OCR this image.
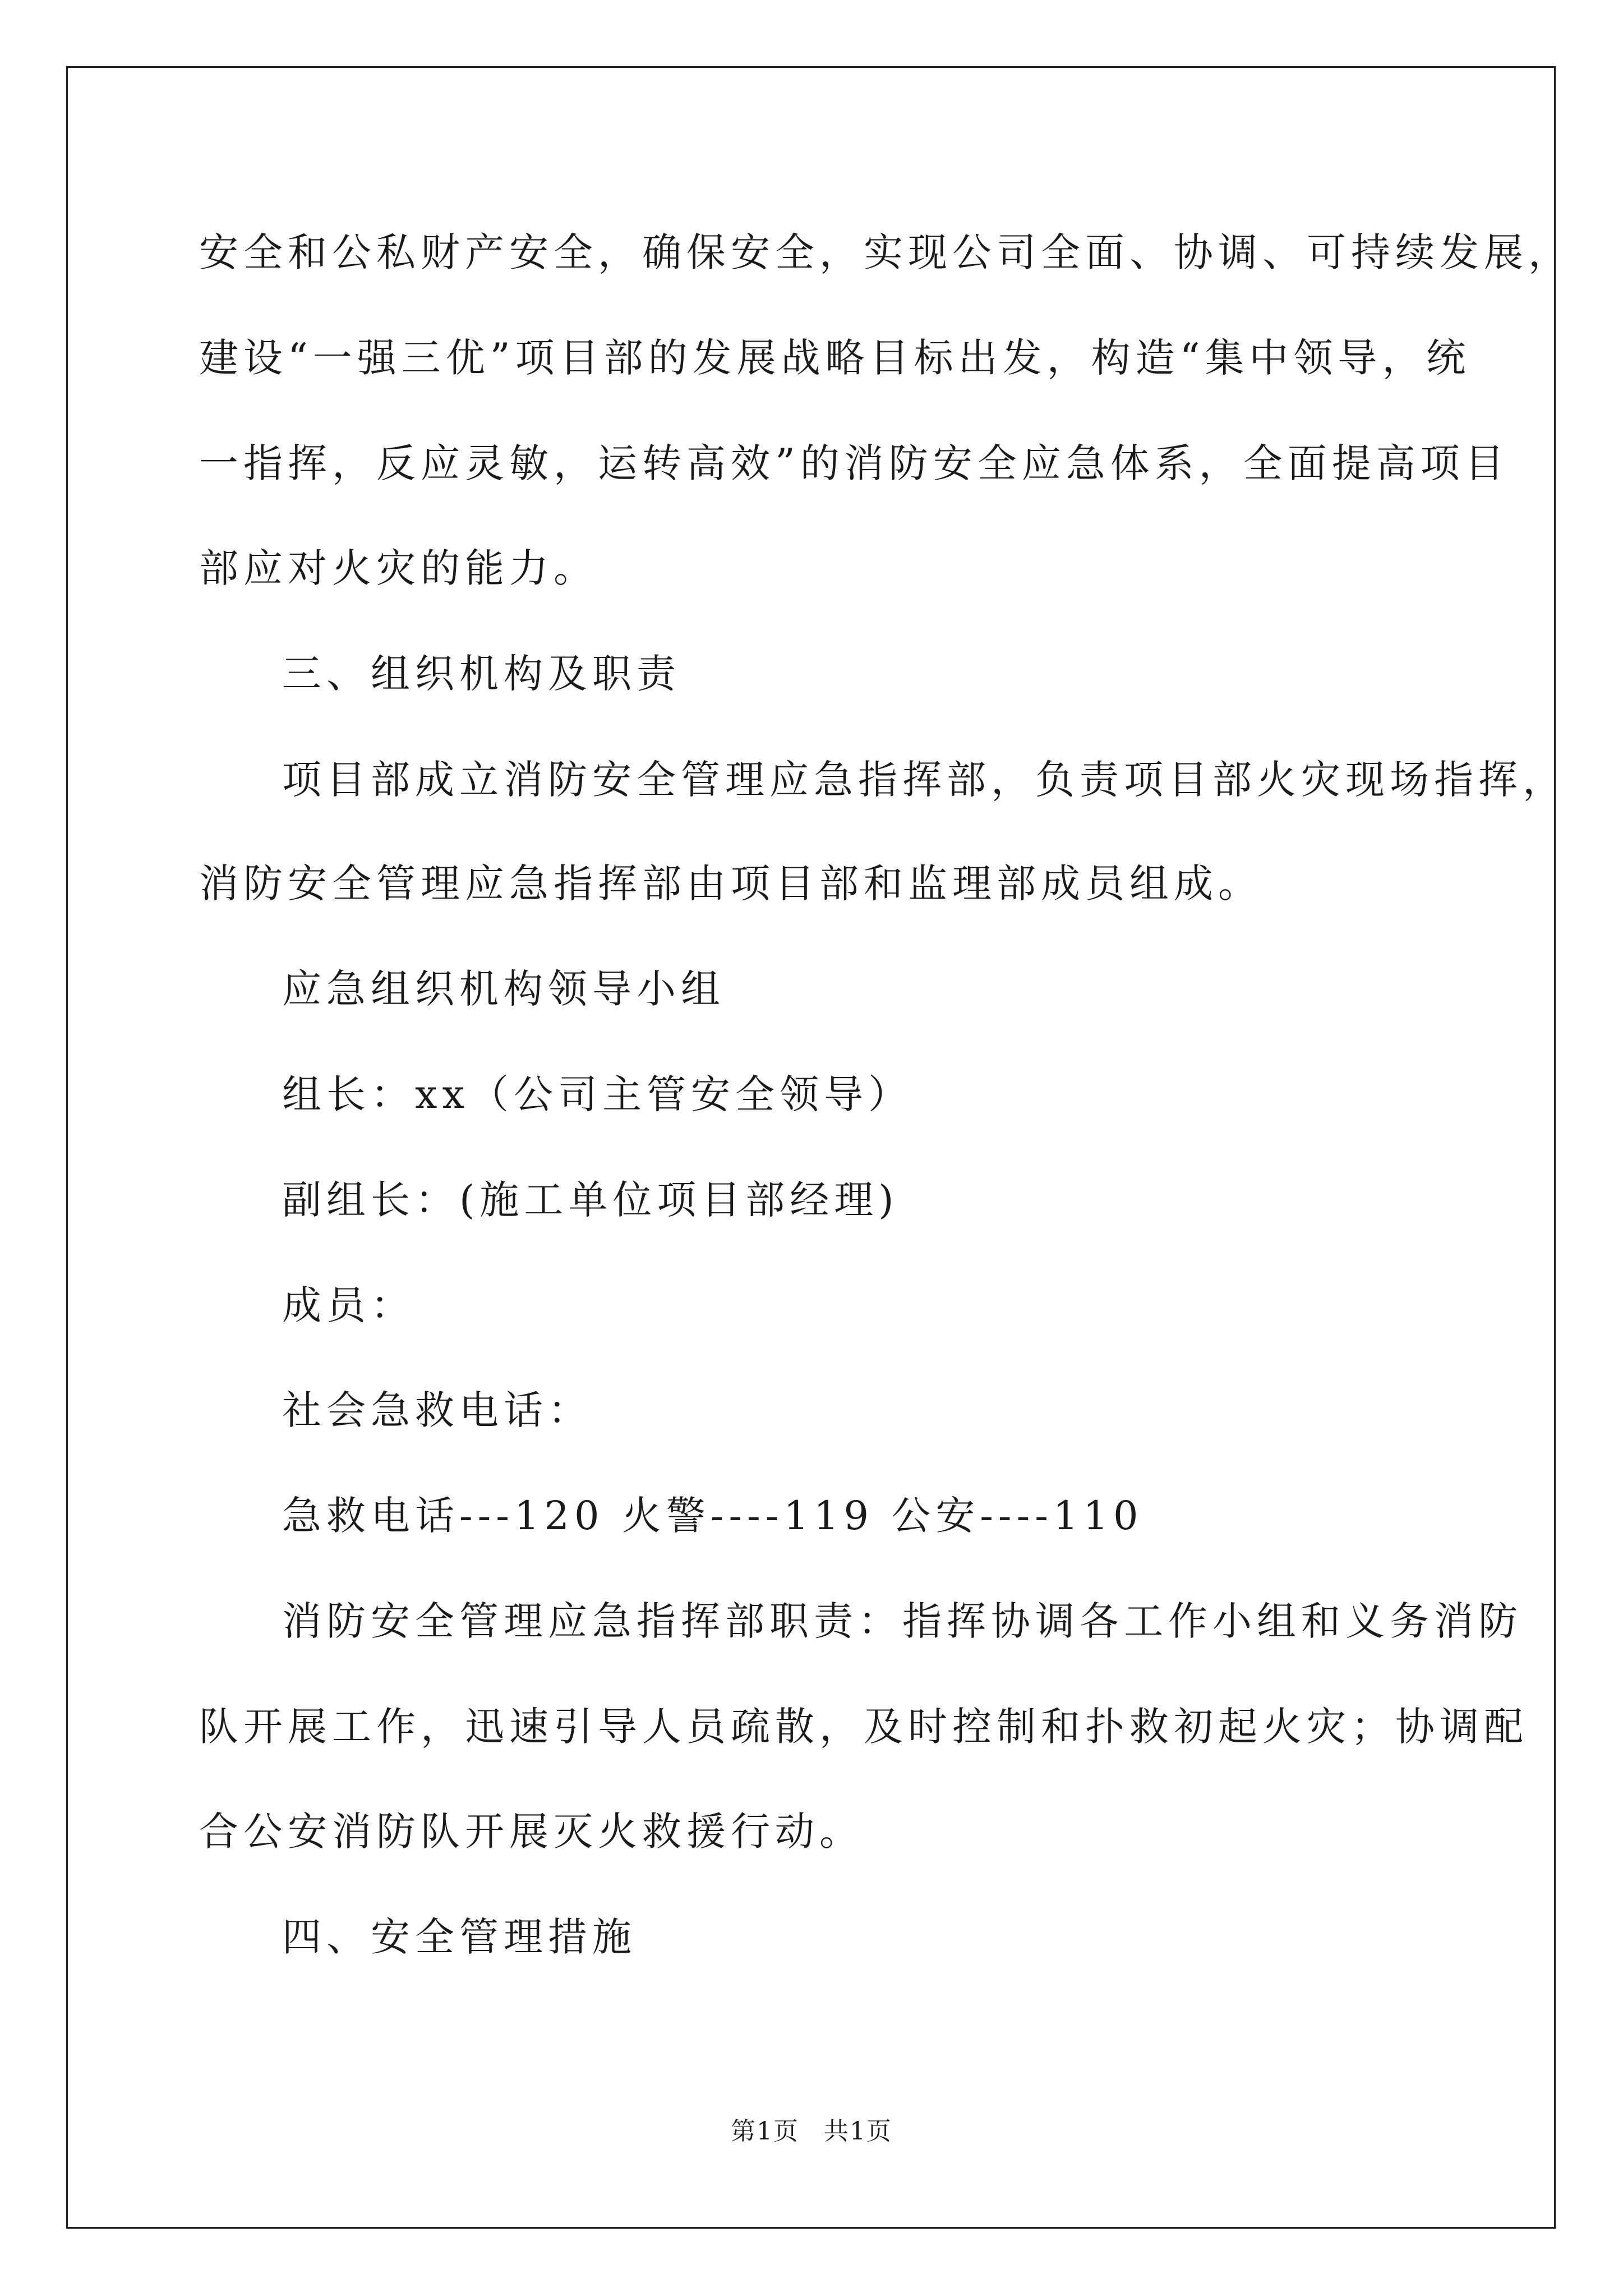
安全和公私财产安全，确保安全，实现公司全面、协调、可持续发展，
建设“一强三优”项目部的发展战略目标出发，构造“集中领导，统
一指挥，反应灵敏，运转高效”的消防安全应急体系，全面提高项目
部应对火灾的能力。
三、组织机构及职责
项目部成立消防安全管理应急指挥部，负责项目部火灾现场指挥，
消防安全管理应急指挥部由项目部和监理部成员组成。
应急组织机构领导小组
组长：xx（公司主管安全领导）
副组长：(施工单位项目部经理)
成员：
社会急救电话：
急救电话---120 火警----119 公安----110
消防安全管理应急指挥部职责：指挥协调各工作小组和义务消防
队开展工作，迅速引导人员疏散，及时控制和扑救初起火灾；协调配
合公安消防队开展灭火救援行动。
四、安全管理措施
第1页 共1页
